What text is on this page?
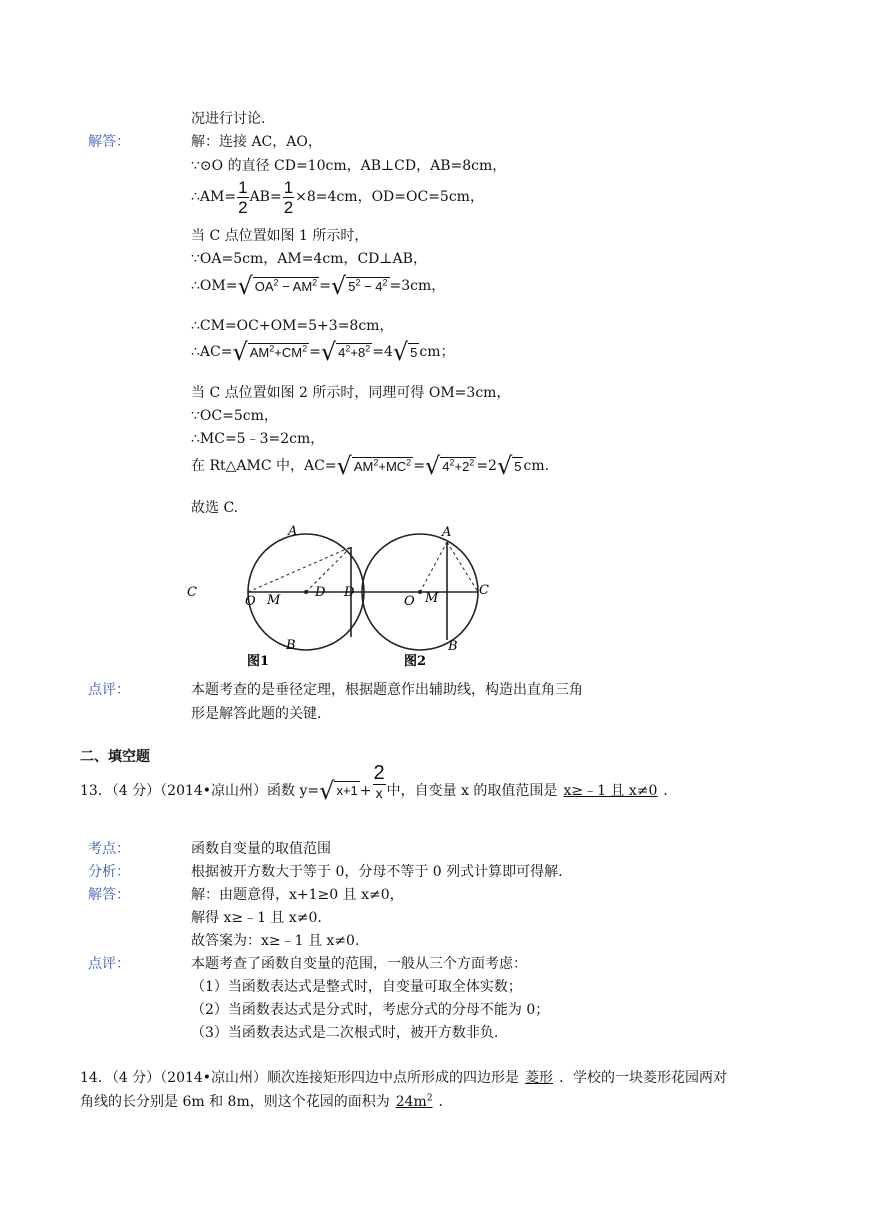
况进行讨论.
解答：	解：连接 AC，AO，
∵⊙O 的直径 CD=10cm，AB⊥CD，AB=8cm，
∴AM= $\frac{1}{2} AB= \frac{1}{2} \times 8=4cm$，OD=OC=5cm，
当 C 点位置如图 1 所示时，
∵OA=5cm，AM=4cm，CD⊥AB，
∴OM=√ $OA^2 - AM^2$ =√ $5^2 - 4^2 =3cm$，
∴CM=OC+OM=5+3=8cm，
∴AC=√ $AM^2+CM^2$ =√ $4^2+8^2 =4√$ 5 cm；
当 C 点位置如图 2 所示时，同理可得 OM=3cm，
∵OC=5cm，
∴MC=5﹣3=2cm，
在 Rt△AMC 中，AC=√ $AM^2+MC^2$ =√ $4^2+2^2 =2√$ 5 cm.
故选 C.
A
C	D
O M
B
图1
A
D	C
O M
B
图2
点评：	本题考查的是垂径定理，根据题意作出辅助线，构造出直角三角
形是解答此题的关键.
二、填空题
13．（4 分）（2014•凉山州）函数 y=√ $x+1 + \frac{2}{x}$ 中，自变量 x 的取值范围是 x≥﹣1 且 x≠0 ．
考点：	函数自变量的取值范围
分析：	根据被开方数大于等于 0，分母不等于 0 列式计算即可得解.
解答：	解：由题意得，x+1≥0 且 x≠0，
解得 x≥﹣1 且 x≠0.
故答案为：x≥﹣1 且 x≠0.
点评：	本题考查了函数自变量的范围，一般从三个方面考虑：
（1）当函数表达式是整式时，自变量可取全体实数；
（2）当函数表达式是分式时，考虑分式的分母不能为 0；
（3）当函数表达式是二次根式时，被开方数非负.
14．（4 分）（2014•凉山州）顺次连接矩形四边中点所形成的四边形是 菱形 ．学校的一块菱形花园两对
角线的长分别是 6m 和 8m，则这个花园的面积为 $24m^2$ ．
